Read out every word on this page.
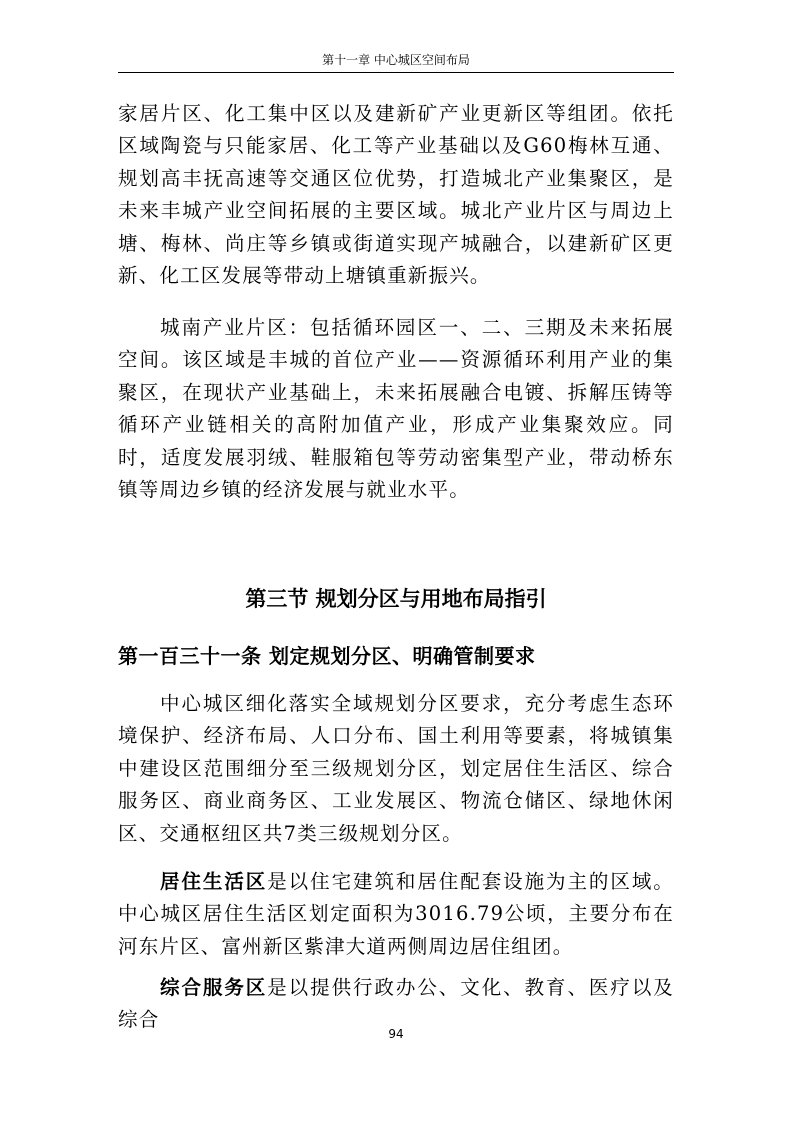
第十一章 中心城区空间布局

家居片区、化工集中区以及建新矿产业更新区等组团。依托区域陶瓷与只能家居、化工等产业基础以及G60梅林互通、规划高丰抚高速等交通区位优势，打造城北产业集聚区，是未来丰城产业空间拓展的主要区域。城北产业片区与周边上塘、梅林、尚庄等乡镇或街道实现产城融合，以建新矿区更新、化工区发展等带动上塘镇重新振兴。

城南产业片区：包括循环园区一、二、三期及未来拓展空间。该区域是丰城的首位产业——资源循环利用产业的集聚区，在现状产业基础上，未来拓展融合电镀、拆解压铸等循环产业链相关的高附加值产业，形成产业集聚效应。同时，适度发展羽绒、鞋服箱包等劳动密集型产业，带动桥东镇等周边乡镇的经济发展与就业水平。

第三节 规划分区与用地布局指引
第一百三十一条 划定规划分区、明确管制要求

中心城区细化落实全域规划分区要求，充分考虑生态环境保护、经济布局、人口分布、国土利用等要素，将城镇集中建设区范围细分至三级规划分区，划定居住生活区、综合服务区、商业商务区、工业发展区、物流仓储区、绿地休闲区、交通枢纽区共7类三级规划分区。

居住生活区是以住宅建筑和居住配套设施为主的区域。中心城区居住生活区划定面积为3016.79公顷，主要分布在河东片区、富州新区紫津大道两侧周边居住组团。

综合服务区是以提供行政办公、文化、教育、医疗以及综合

94
